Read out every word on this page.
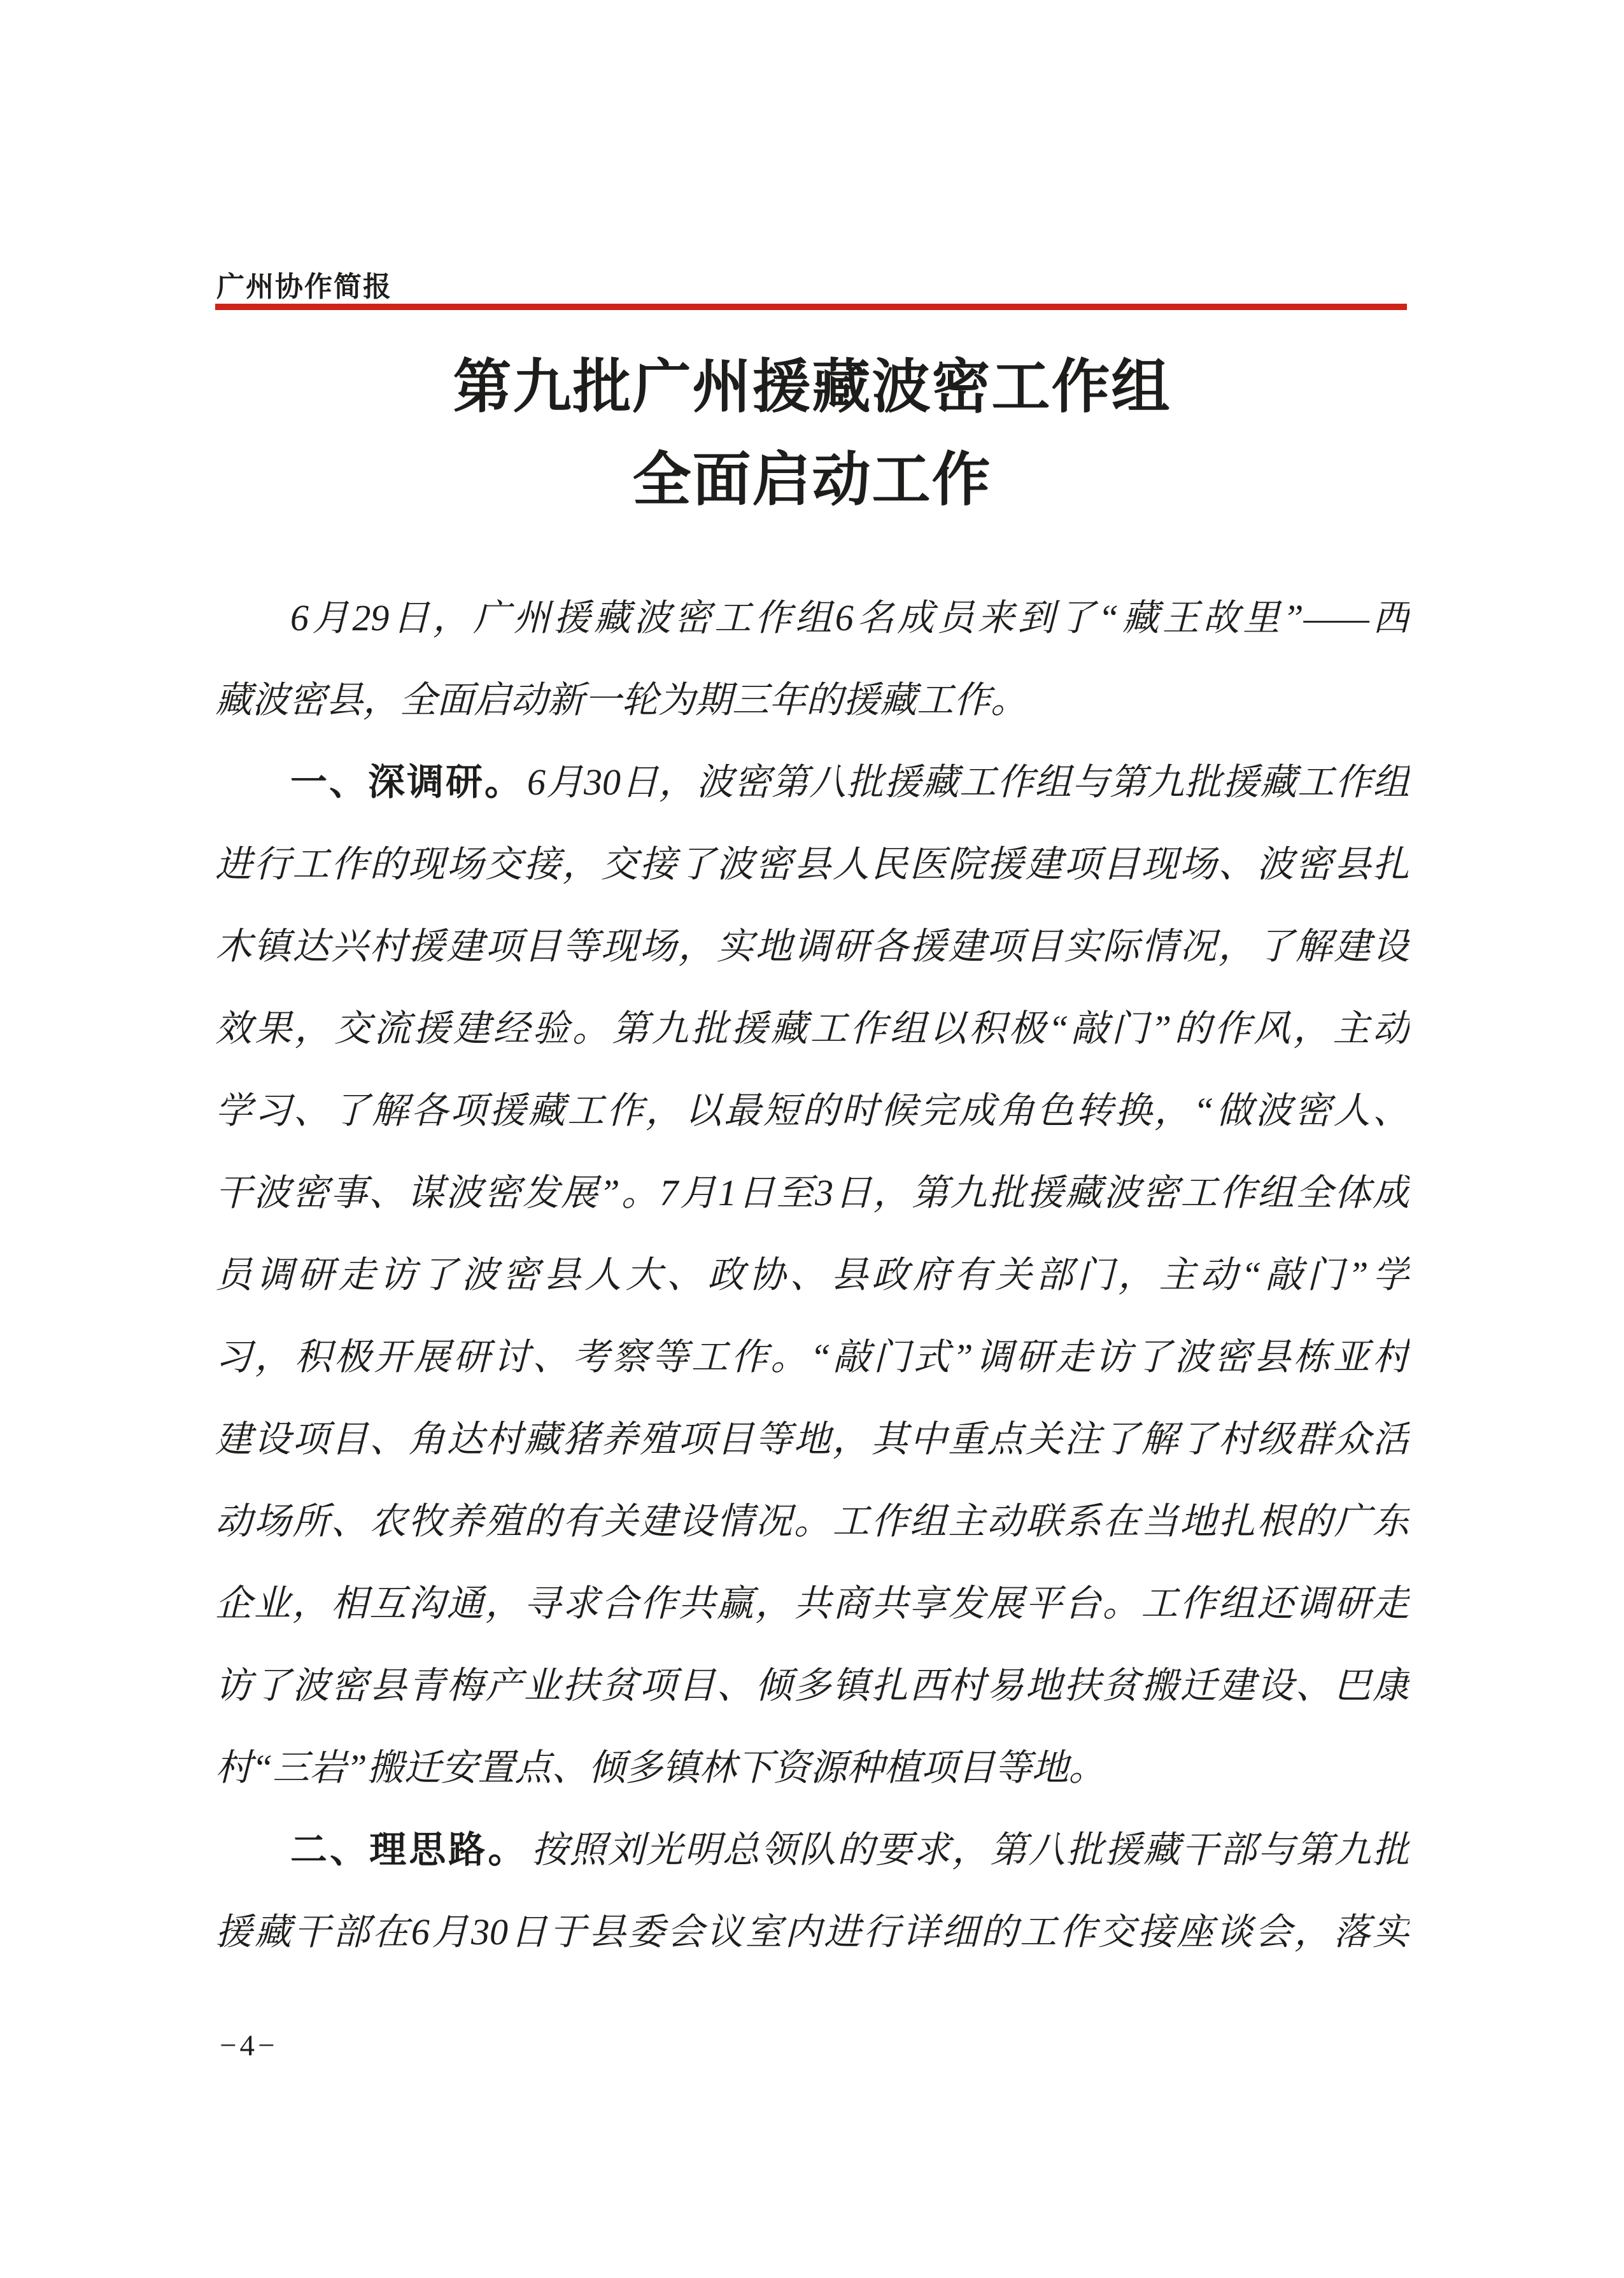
广州协作简报
第九批广州援藏波密工作组
全面启动工作
6月29日，广州援藏波密工作组6名成员来到了“藏王故里”——西
藏波密县，全面启动新一轮为期三年的援藏工作。
一、深调研。 6月30日，波密第八批援藏工作组与第九批援藏工作组
进行工作的现场交接，交接了波密县人民医院援建项目现场、波密县扎
木镇达兴村援建项目等现场，实地调研各援建项目实际情况，了解建设
效果，交流援建经验。第九批援藏工作组以积极“敲门”的作风，主动
学习、了解各项援藏工作，以最短的时候完成角色转换，“做波密人、
干波密事、谋波密发展”。7月1日至3日，第九批援藏波密工作组全体成
员调研走访了波密县人大、政协、县政府有关部门，主动“敲门”学
习，积极开展研讨、考察等工作。“敲门式”调研走访了波密县栋亚村
建设项目、角达村藏猪养殖项目等地，其中重点关注了解了村级群众活
动场所、农牧养殖的有关建设情况。工作组主动联系在当地扎根的广东
企业，相互沟通，寻求合作共赢，共商共享发展平台。工作组还调研走
访了波密县青梅产业扶贫项目、倾多镇扎西村易地扶贫搬迁建设、巴康
村“三岩”搬迁安置点、倾多镇林下资源种植项目等地。
二、理思路。 按照刘光明总领队的要求，第八批援藏干部与第九批
援藏干部在6月30日于县委会议室内进行详细的工作交接座谈会，落实
−4−
